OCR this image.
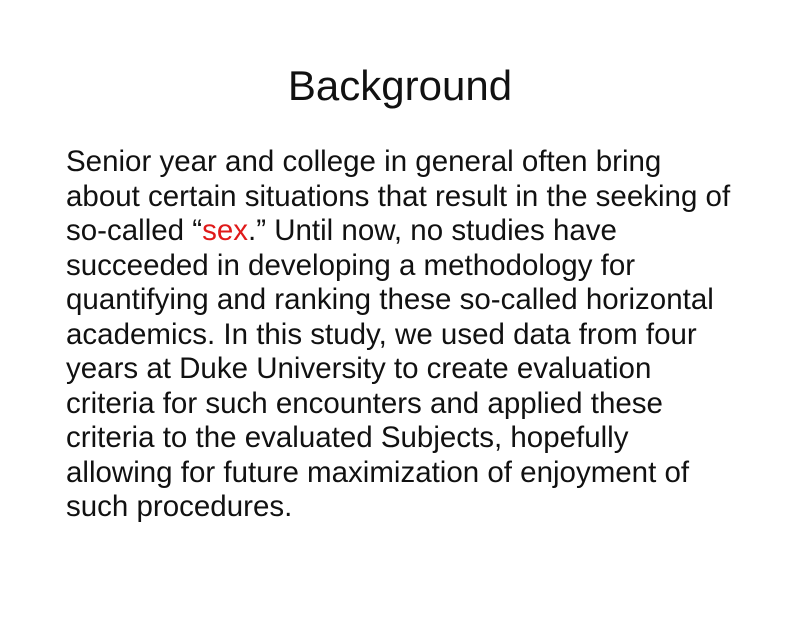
Background

Senior year and college in general often bring
about certain situations that result in the seeking of
so-called “sex.” Until now, no studies have
succeeded in developing a methodology for
quantifying and ranking these so-called horizontal
academics. In this study, we used data from four
years at Duke University to create evaluation
criteria for such encounters and applied these
criteria to the evaluated Subjects, hopefully
allowing for future maximization of enjoyment of
such procedures.
